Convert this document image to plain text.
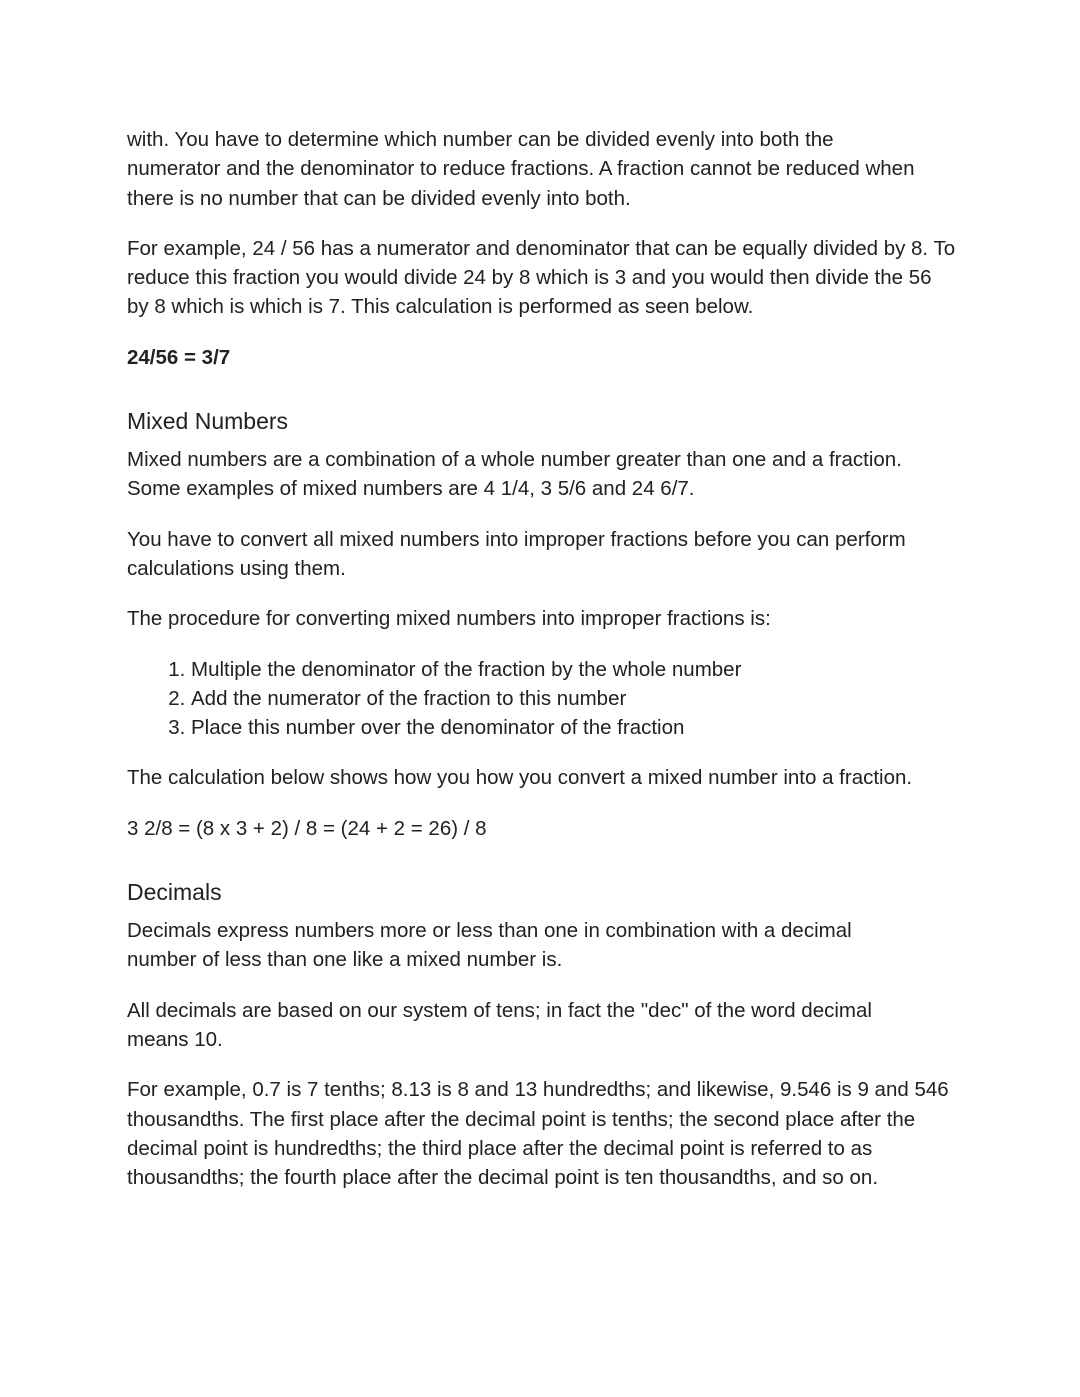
with. You have to determine which number can be divided evenly into both the numerator and the denominator to reduce fractions. A fraction cannot be reduced when there is no number that can be divided evenly into both.

For example, 24 / 56 has a numerator and denominator that can be equally divided by 8. To reduce this fraction you would divide 24 by 8 which is 3 and you would then divide the 56 by 8 which is which is 7. This calculation is performed as seen below.

24/56 = 3/7

Mixed Numbers

Mixed numbers are a combination of a whole number greater than one and a fraction. Some examples of mixed numbers are 4 1/4, 3 5/6 and 24 6/7.

You have to convert all mixed numbers into improper fractions before you can perform calculations using them.

The procedure for converting mixed numbers into improper fractions is:

1. Multiple the denominator of the fraction by the whole number
2. Add the numerator of the fraction to this number
3. Place this number over the denominator of the fraction

The calculation below shows how you how you convert a mixed number into a fraction.

3 2/8 = (8 x 3 + 2) / 8 = (24 + 2 = 26) / 8

Decimals

Decimals express numbers more or less than one in combination with a decimal number of less than one like a mixed number is.

All decimals are based on our system of tens; in fact the "dec" of the word decimal means 10.

For example, 0.7 is 7 tenths; 8.13 is 8 and 13 hundredths; and likewise, 9.546 is 9 and 546 thousandths. The first place after the decimal point is tenths; the second place after the decimal point is hundredths; the third place after the decimal point is referred to as thousandths; the fourth place after the decimal point is ten thousandths, and so on.
